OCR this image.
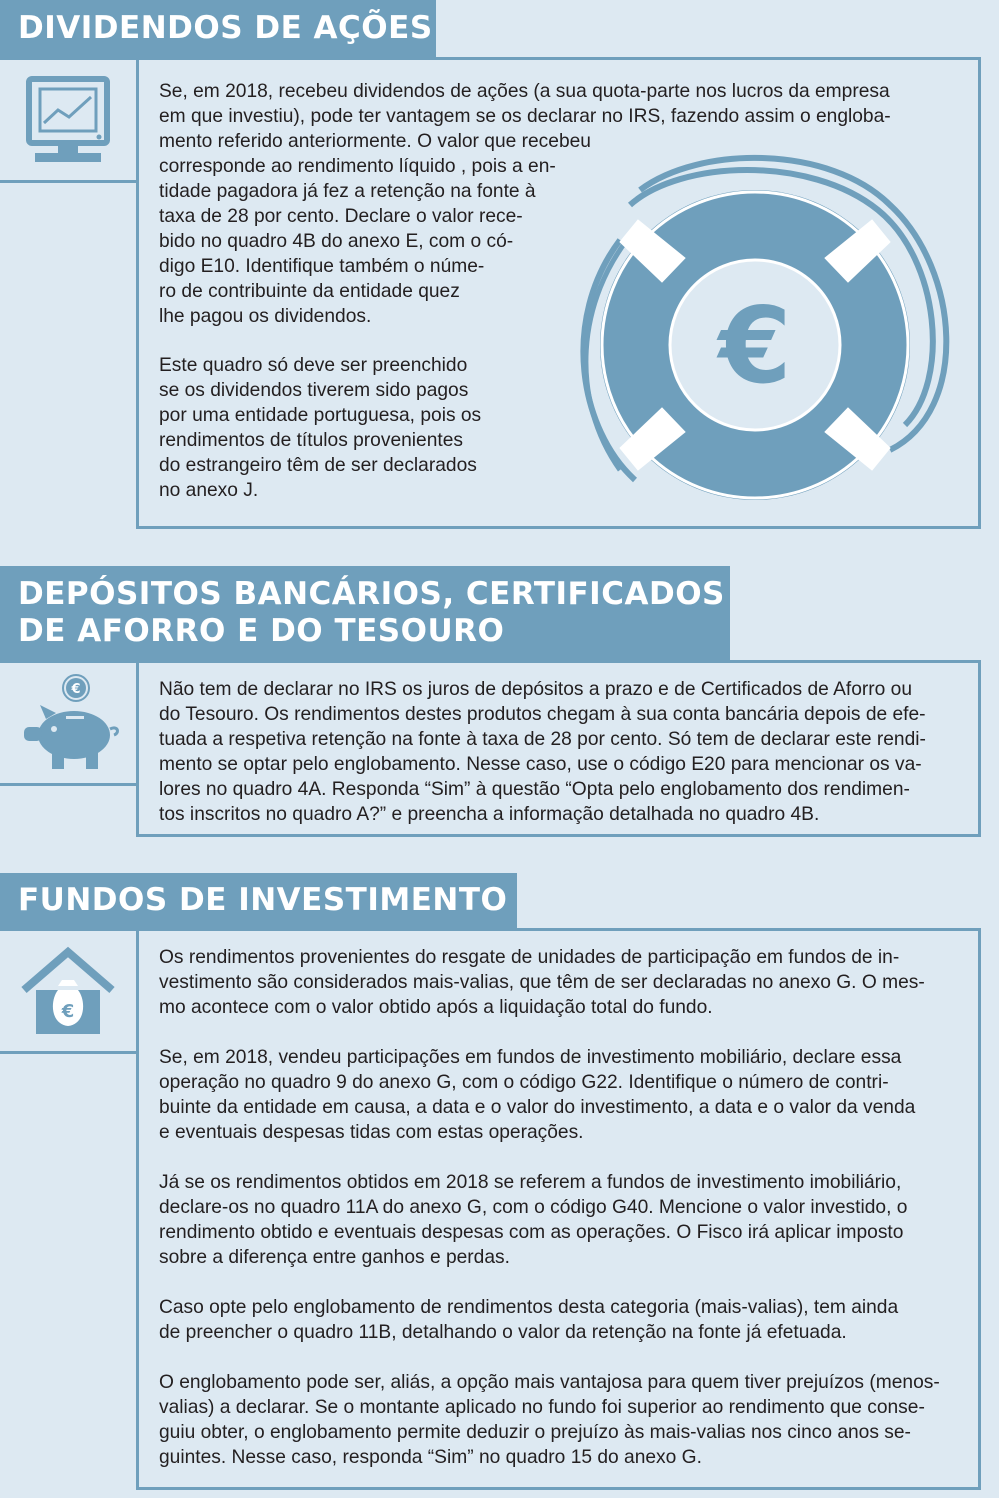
DIVIDENDOS DE AÇÕES
€
Se, em 2018, recebeu dividendos de ações (a sua quota-parte nos lucros da empresa
em que investiu), pode ter vantagem se os declarar no IRS, fazendo assim o engloba-
mento referido anteriormente. O valor que recebeu
corresponde ao rendimento líquido , pois a en-
tidade pagadora já fez a retenção na fonte à
taxa de 28 por cento. Declare o valor rece-
bido no quadro 4B do anexo E, com o có-
digo E10. Identifique também o núme-
ro de contribuinte da entidade quez
lhe pagou os dividendos.
Este quadro só deve ser preenchido
se os dividendos tiverem sido pagos
por uma entidade portuguesa, pois os
rendimentos de títulos provenientes
do estrangeiro têm de ser declarados
no anexo J.
DEPÓSITOS BANCÁRIOS, CERTIFICADOS
DE AFORRO E DO TESOURO
€	Não tem de declarar no IRS os juros de depósitos a prazo e de Certificados de Aforro ou
do Tesouro. Os rendimentos destes produtos chegam à sua conta bancária depois de efe-
tuada a respetiva retenção na fonte à taxa de 28 por cento. Só tem de declarar este rendi-
mento se optar pelo englobamento. Nesse caso, use o código E20 para mencionar os va-
lores no quadro 4A. Responda “Sim” à questão “Opta pelo englobamento dos rendimen-
tos inscritos no quadro A?” e preencha a informação detalhada no quadro 4B.
FUNDOS DE INVESTIMENTO
€
Os rendimentos provenientes do resgate de unidades de participação em fundos de in-
vestimento são considerados mais-valias, que têm de ser declaradas no anexo G. O mes-
mo acontece com o valor obtido após a liquidação total do fundo.
Se, em 2018, vendeu participações em fundos de investimento mobiliário, declare essa
operação no quadro 9 do anexo G, com o código G22. Identifique o número de contri-
buinte da entidade em causa, a data e o valor do investimento, a data e o valor da venda
e eventuais despesas tidas com estas operações.
Já se os rendimentos obtidos em 2018 se referem a fundos de investimento imobiliário,
declare-os no quadro 11A do anexo G, com o código G40. Mencione o valor investido, o
rendimento obtido e eventuais despesas com as operações. O Fisco irá aplicar imposto
sobre a diferença entre ganhos e perdas.
Caso opte pelo englobamento de rendimentos desta categoria (mais-valias), tem ainda
de preencher o quadro 11B, detalhando o valor da retenção na fonte já efetuada.
O englobamento pode ser, aliás, a opção mais vantajosa para quem tiver prejuízos (menos-
valias) a declarar. Se o montante aplicado no fundo foi superior ao rendimento que conse-
guiu obter, o englobamento permite deduzir o prejuízo às mais-valias nos cinco anos se-
guintes. Nesse caso, responda “Sim” no quadro 15 do anexo G.
